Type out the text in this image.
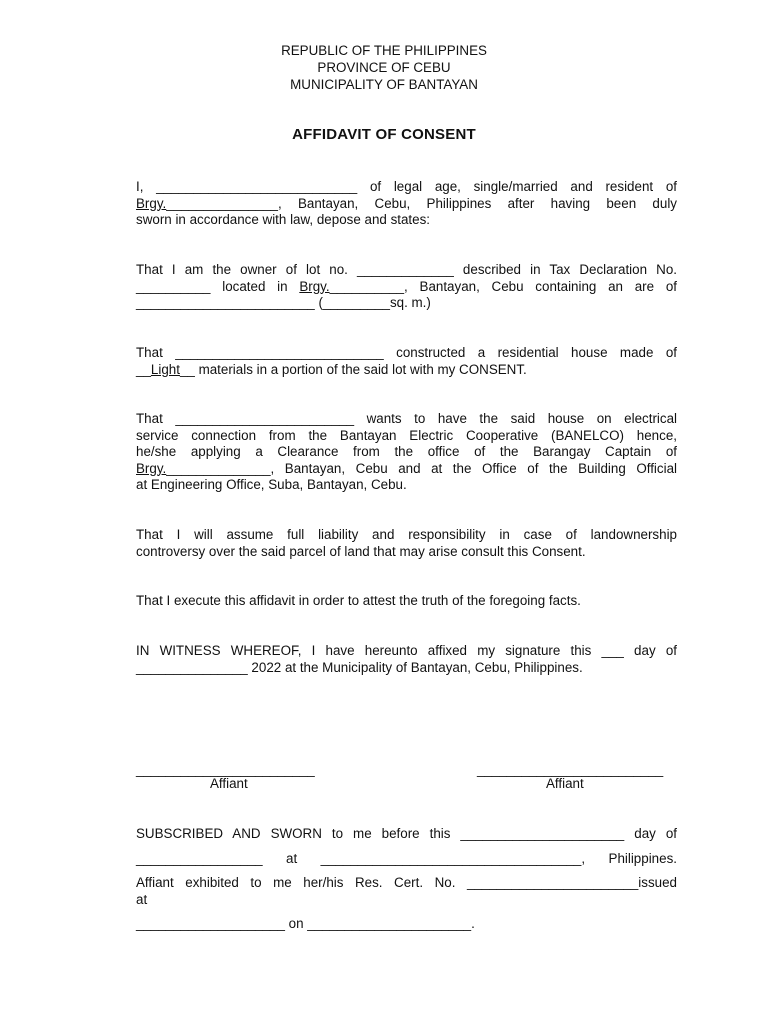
REPUBLIC OF THE PHILIPPINES
PROVINCE OF CEBU
MUNICIPALITY OF BANTAYAN
AFFIDAVIT OF CONSENT
I, ___________________________ of legal age, single/married and resident of
Brgy._______________, Bantayan, Cebu, Philippines after having been duly
sworn in accordance with law, depose and states:
That I am the owner of lot no. _____________ described in Tax Declaration No.
__________ located in Brgy.__________, Bantayan, Cebu containing an are of
________________________ (_________sq. m.)
That ____________________________ constructed a residential house made of
__Light__ materials in a portion of the said lot with my CONSENT.
That ________________________ wants to have the said house on electrical
service connection from the Bantayan Electric Cooperative (BANELCO) hence,
he/she applying a Clearance from the office of the Barangay Captain of
Brgy.______________, Bantayan, Cebu and at the Office of the Building Official
at Engineering Office, Suba, Bantayan, Cebu.
That I will assume full liability and responsibility in case of landownership
controversy over the said parcel of land that may arise consult this Consent.
That I execute this affidavit in order to attest the truth of the foregoing facts.
IN WITNESS WHEREOF, I have hereunto affixed my signature this ___ day of
_______________ 2022 at the Municipality of Bantayan, Cebu, Philippines.
________________________
Affiant
_________________________
Affiant
SUBSCRIBED AND SWORN to me before this ______________________ day of
_________________ at ___________________________________, Philippines.
Affiant exhibited to me her/his Res. Cert. No. _______________________issued
at
____________________ on ______________________.
